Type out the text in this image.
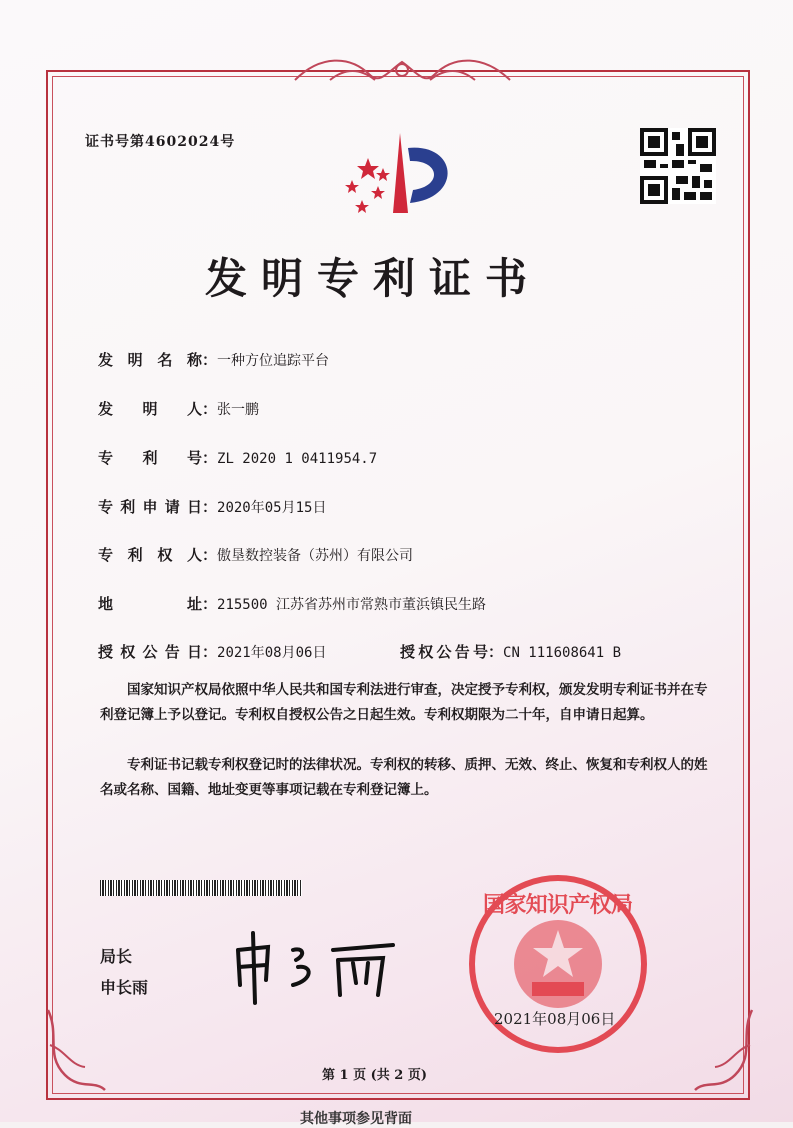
证书号第4602024号
发明专利证书
发明名称：一种方位追踪平台
发明人：张一鹏
专利号：ZL 2020 1 0411954.7
专利申请日：2020年05月15日
专利权人：傲垦数控装备（苏州）有限公司
地址：215500 江苏省苏州市常熟市董浜镇民生路
授权公告日：2021年08月06日	授权公告号：CN 111608641 B

国家知识产权局依照中华人民共和国专利法进行审查，决定授予专利权，颁发发明专利证书并在专利登记簿上予以登记。专利权自授权公告之日起生效。专利权期限为二十年，自申请日起算。

专利证书记载专利权登记时的法律状况。专利权的转移、质押、无效、终止、恢复和专利权人的姓名或名称、国籍、地址变更等事项记载在专利登记簿上。

局长
申长雨
国家知识产权局
2021年08月06日
第 1 页 (共 2 页)
其他事项参见背面
